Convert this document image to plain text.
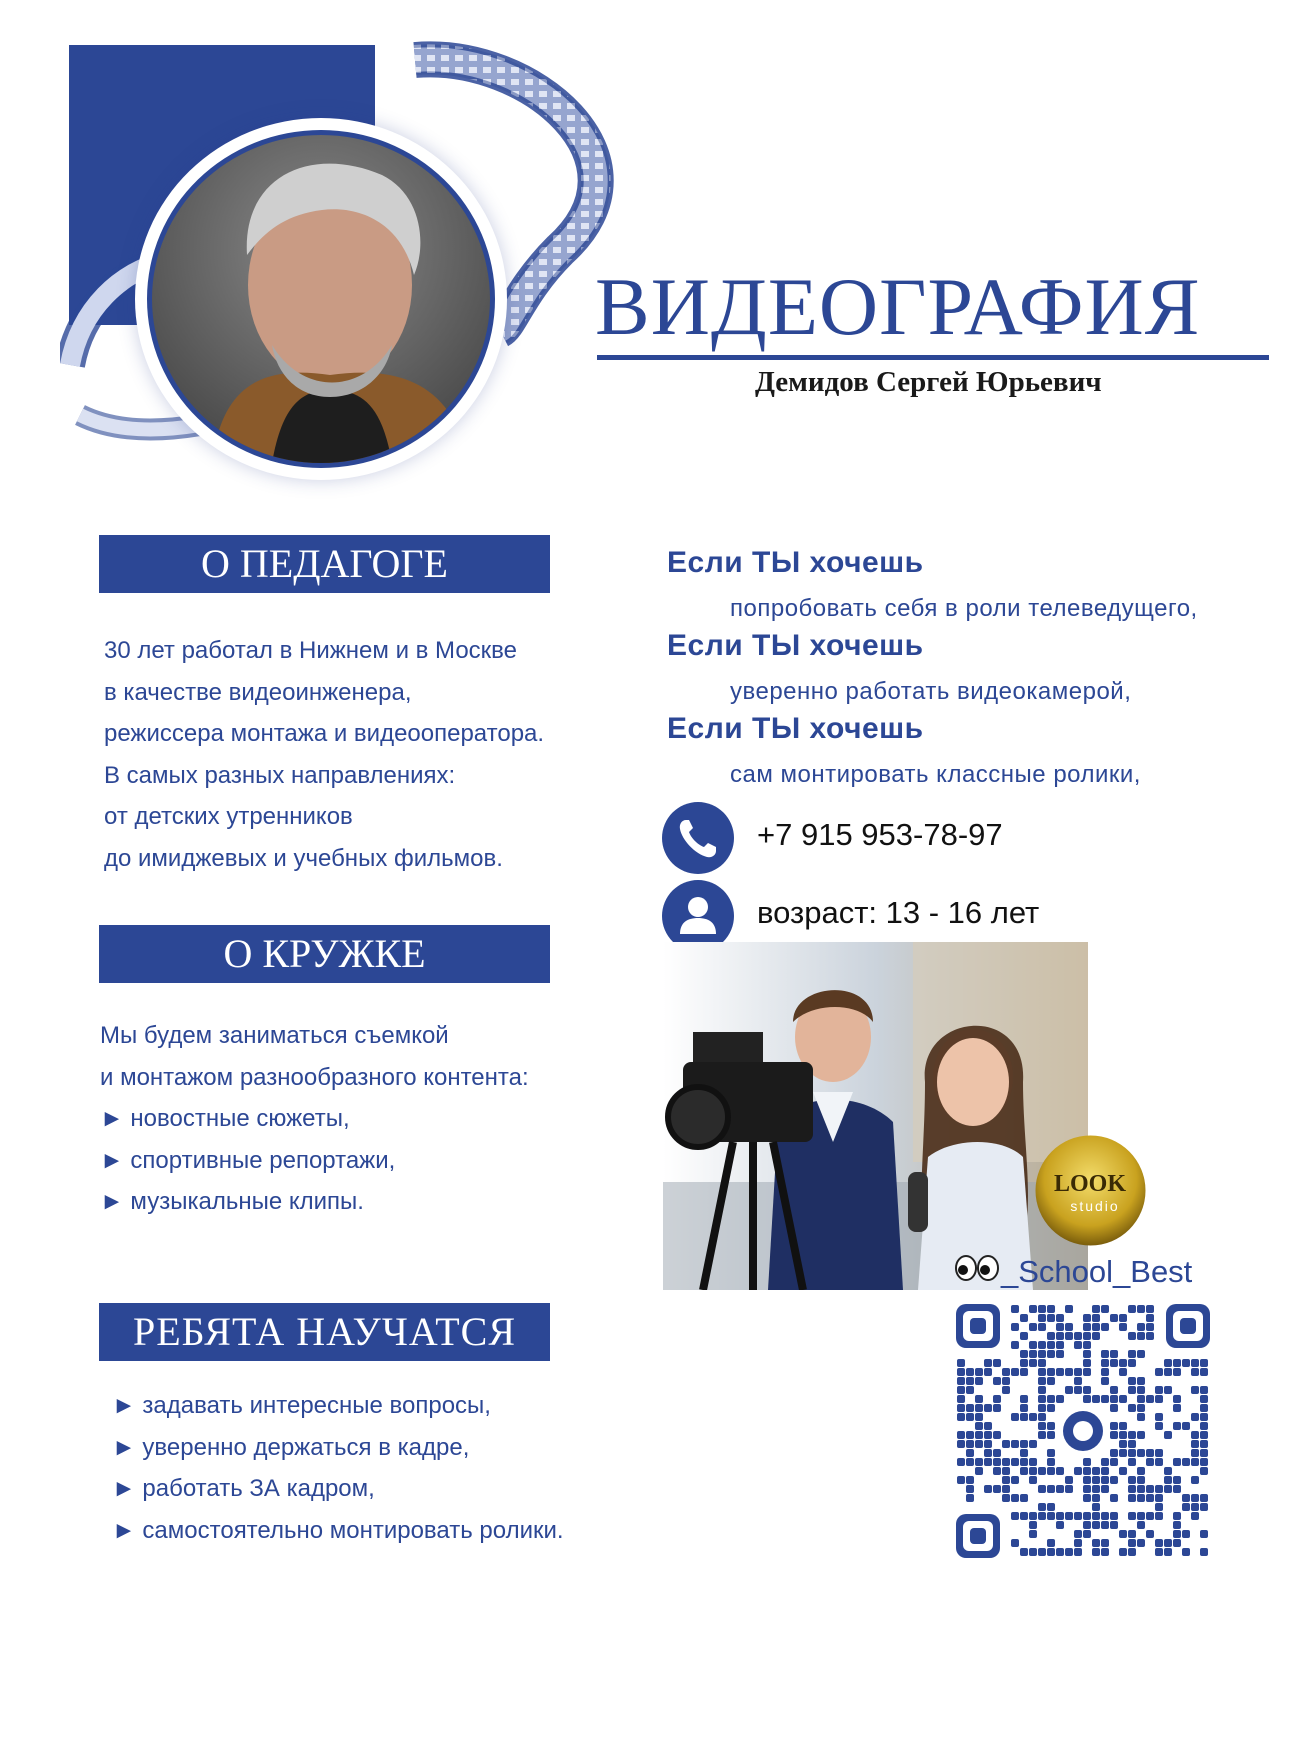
ВИДЕОГРАФИЯ
Демидов Сергей Юрьевич
О ПЕДАГОГЕ
30 лет работал в Нижнем и в Москве
в качестве видеоинженера,
режиссера монтажа и видеооператора.
В самых разных направлениях:
от детских утренников
до имиджевых и учебных фильмов.
О КРУЖКЕ
Мы будем заниматься съемкой
и монтажом разнообразного контента:
► новостные сюжеты,
► спортивные репортажи,
► музыкальные клипы.
РЕБЯТА НАУЧАТСЯ
► задавать интересные вопросы,
► уверенно держаться в кадре,
► работать ЗА кадром,
► самостоятельно монтировать ролики.
Если ТЫ хочешь
попробовать себя в роли телеведущего,
Если ТЫ хочешь
уверенно работать видеокамерой,
Если ТЫ хочешь
сам монтировать классные ролики,
+7 915 953-78-97
возраст: 13 - 16 лет
LOOK
studio
_School_Best
